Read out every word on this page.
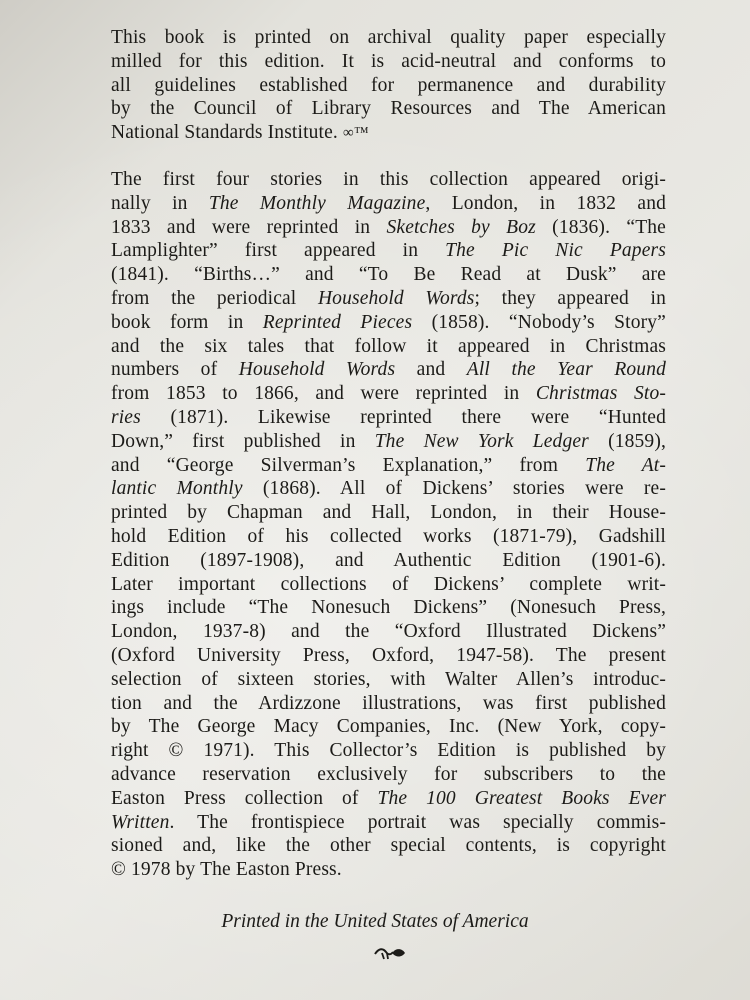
This book is printed on archival quality paper especially
milled for this edition. It is acid-neutral and conforms to
all guidelines established for permanence and durability
by the Council of Library Resources and The American
National Standards Institute. ∞™
The first four stories in this collection appeared origi-
nally in The Monthly Magazine, London, in 1832 and
1833 and were reprinted in Sketches by Boz (1836). “The
Lamplighter” first appeared in The Pic Nic Papers
(1841). “Births…” and “To Be Read at Dusk” are
from the periodical Household Words; they appeared in
book form in Reprinted Pieces (1858). “Nobody’s Story”
and the six tales that follow it appeared in Christmas
numbers of Household Words and All the Year Round
from 1853 to 1866, and were reprinted in Christmas Sto-
ries (1871). Likewise reprinted there were “Hunted
Down,” first published in The New York Ledger (1859),
and “George Silverman’s Explanation,” from The At-
lantic Monthly (1868). All of Dickens’ stories were re-
printed by Chapman and Hall, London, in their House-
hold Edition of his collected works (1871-79), Gadshill
Edition (1897-1908), and Authentic Edition (1901-6).
Later important collections of Dickens’ complete writ-
ings include “The Nonesuch Dickens” (Nonesuch Press,
London, 1937-8) and the “Oxford Illustrated Dickens”
(Oxford University Press, Oxford, 1947-58). The present
selection of sixteen stories, with Walter Allen’s introduc-
tion and the Ardizzone illustrations, was first published
by The George Macy Companies, Inc. (New York, copy-
right © 1971). This Collector’s Edition is published by
advance reservation exclusively for subscribers to the
Easton Press collection of The 100 Greatest Books Ever
Written. The frontispiece portrait was specially commis-
sioned and, like the other special contents, is copyright
© 1978 by The Easton Press.
Printed in the United States of America
